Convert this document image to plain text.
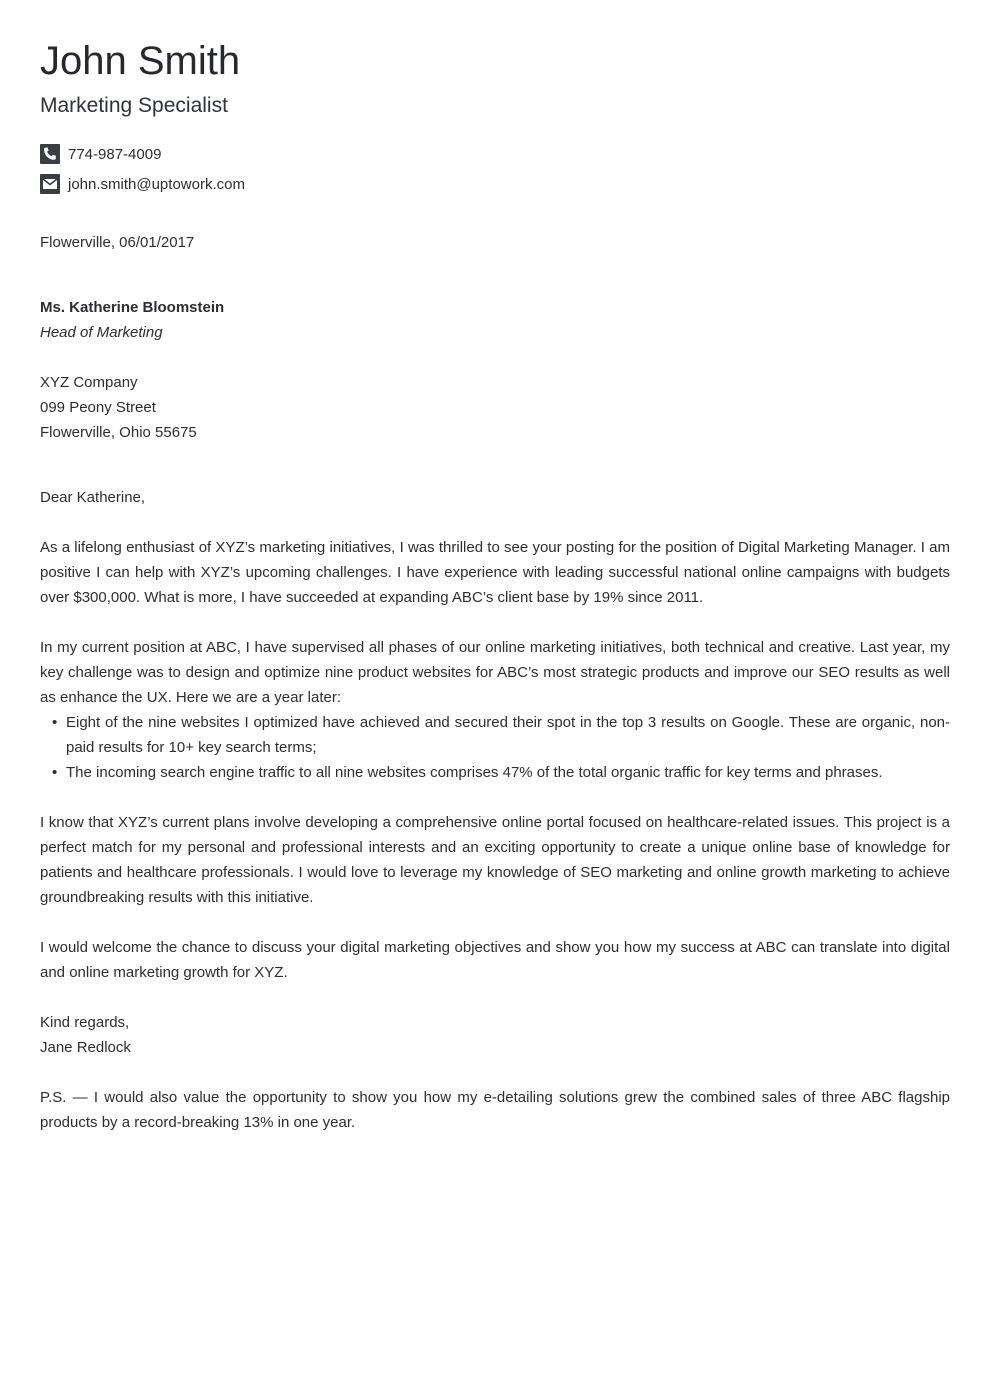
John Smith
Marketing Specialist
774-987-4009
john.smith@uptowork.com
Flowerville, 06/01/2017
Ms. Katherine Bloomstein
Head of Marketing
XYZ Company
099 Peony Street
Flowerville, Ohio 55675
Dear Katherine,

As a lifelong enthusiast of XYZ’s marketing initiatives, I was thrilled to see your posting for the position of Digital Marketing Manager. I am positive I can help with XYZ’s upcoming challenges. I have experience with leading successful national online campaigns with budgets over $300,000. What is more, I have succeeded at expanding ABC’s client base by 19% since 2011.

In my current position at ABC, I have supervised all phases of our online marketing initiatives, both technical and creative. Last year, my key challenge was to design and optimize nine product websites for ABC’s most strategic products and improve our SEO results as well as enhance the UX. Here we are a year later:

• Eight of the nine websites I optimized have achieved and secured their spot in the top 3 results on Google. These are organic, non-paid results for 10+ key search terms;
• The incoming search engine traffic to all nine websites comprises 47% of the total organic traffic for key terms and phrases.

I know that XYZ’s current plans involve developing a comprehensive online portal focused on healthcare-related issues. This project is a perfect match for my personal and professional interests and an exciting opportunity to create a unique online base of knowledge for patients and healthcare professionals. I would love to leverage my knowledge of SEO marketing and online growth marketing to achieve groundbreaking results with this initiative.

I would welcome the chance to discuss your digital marketing objectives and show you how my success at ABC can translate into digital and online marketing growth for XYZ.

Kind regards,
Jane Redlock

P.S. — I would also value the opportunity to show you how my e-detailing solutions grew the combined sales of three ABC flagship products by a record-breaking 13% in one year.
